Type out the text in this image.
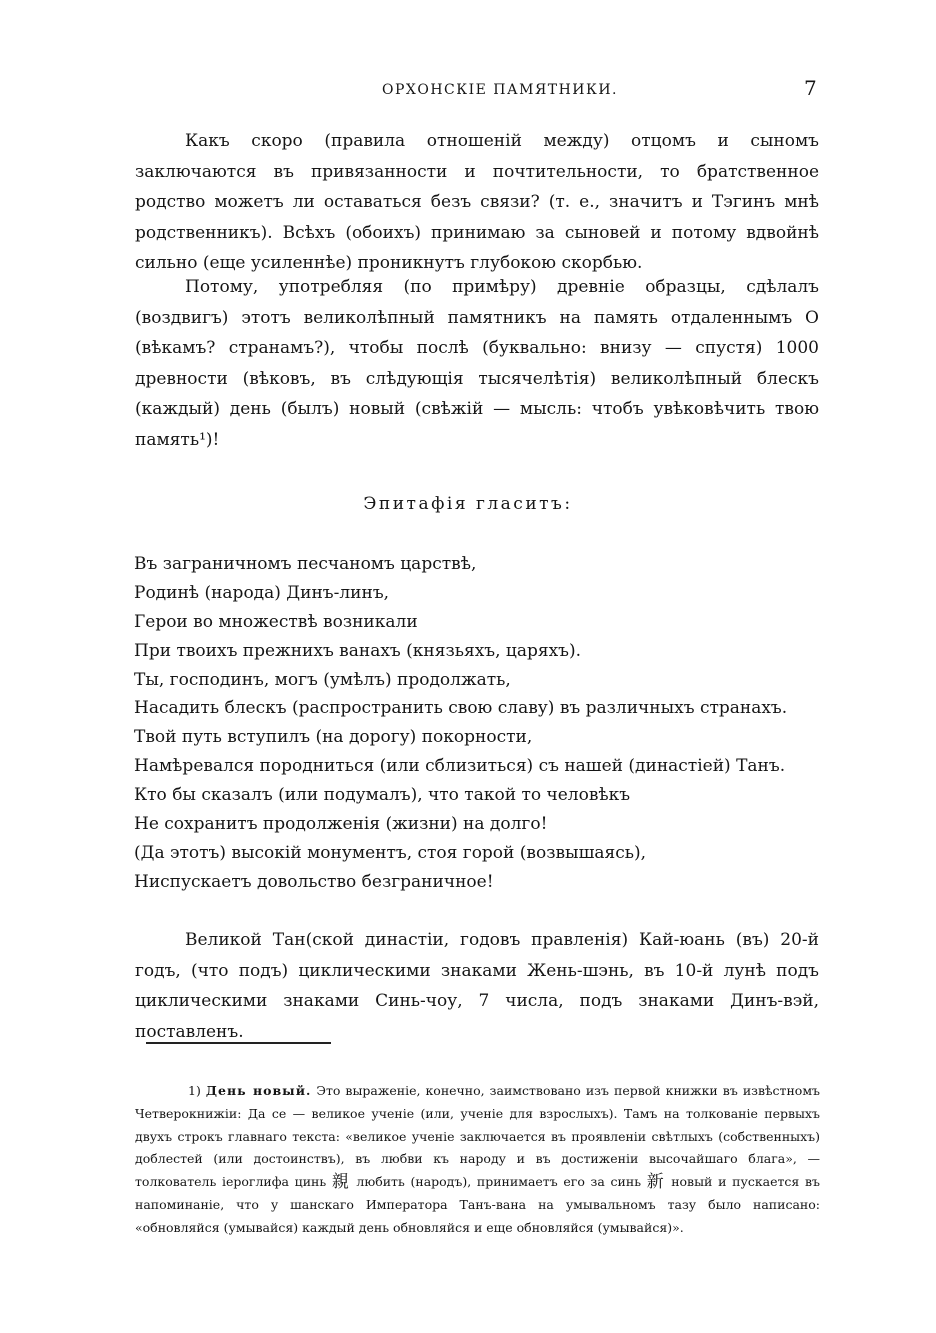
ОРХОНСКІЕ ПАМЯТНИКИ.	7

Какъ скоро (правила отношеній между) отцомъ и сыномъ заключаются въ привязанности и почтительности, то братственное родство можетъ ли оставаться безъ связи? (т. е., значитъ и Тэгинъ мнѣ родственникъ). Всѣхъ (обоихъ) принимаю за сыновей и потому вдвойнѣ сильно (еще усиленнѣе) проникнутъ глубокою скорбью.

Потому, употребляя (по примѣру) древніе образцы, сдѣлалъ (воздвигъ) этотъ великолѣпный памятникъ на память отдаленнымъ О (вѣкамъ? странамъ?), чтобы послѣ (буквально: внизу — спустя) 1000 древности (вѣковъ, въ слѣдующія тысячелѣтія) великолѣпный блескъ (каждый) день (былъ) новый (свѣжій — мысль: чтобъ увѣковѣчить твою память¹)!

Эпитафія гласитъ:
Въ заграничномъ песчаномъ царствѣ,
Родинѣ (народа) Динъ-линъ,
Герои во множествѣ возникали
При твоихъ прежнихъ ванахъ (князьяхъ, царяхъ).
Ты, господинъ, могъ (умѣлъ) продолжать,
Насадить блескъ (распространить свою славу) въ различныхъ странахъ.
Твой путь вступилъ (на дорогу) покорности,
Намѣревался породниться (или сблизиться) съ нашей (династіей) Танъ.
Кто бы сказалъ (или подумалъ), что такой то человѣкъ
Не сохранитъ продолженія (жизни) на долго!
(Да этотъ) высокій монументъ, стоя горой (возвышаясь),
Ниспускаетъ довольство безграничное!

Великой Тан(ской династіи, годовъ правленія) Кай-юань (въ) 20-й годъ, (что подъ) циклическими знаками Жень-шэнь, въ 10-й лунѣ подъ циклическими знаками Синь-чоу, 7 числа, подъ знаками Динъ-вэй, поставленъ.

1) День новый. Это выраженіе, конечно, заимствовано изъ первой книжки въ извѣстномъ Четверокнижіи: Да се — великое ученіе (или, ученіе для взрослыхъ). Тамъ на толкованіе первыхъ двухъ строкъ главнаго текста: «великое ученіе заключается въ проявленіи свѣтлыхъ (собственныхъ) доблестей (или достоинствъ), въ любви къ народу и въ достиженіи высочайшаго блага», — толкователь іероглифа цинь 親 любить (народъ), принимаетъ его за синь 新 новый и пускается въ напоминаніе, что у шанскаго Императора Танъ-вана на умывальномъ тазу было написано: «обновляйся (умывайся) каждый день обновляйся и еще обновляйся (умывайся)».
